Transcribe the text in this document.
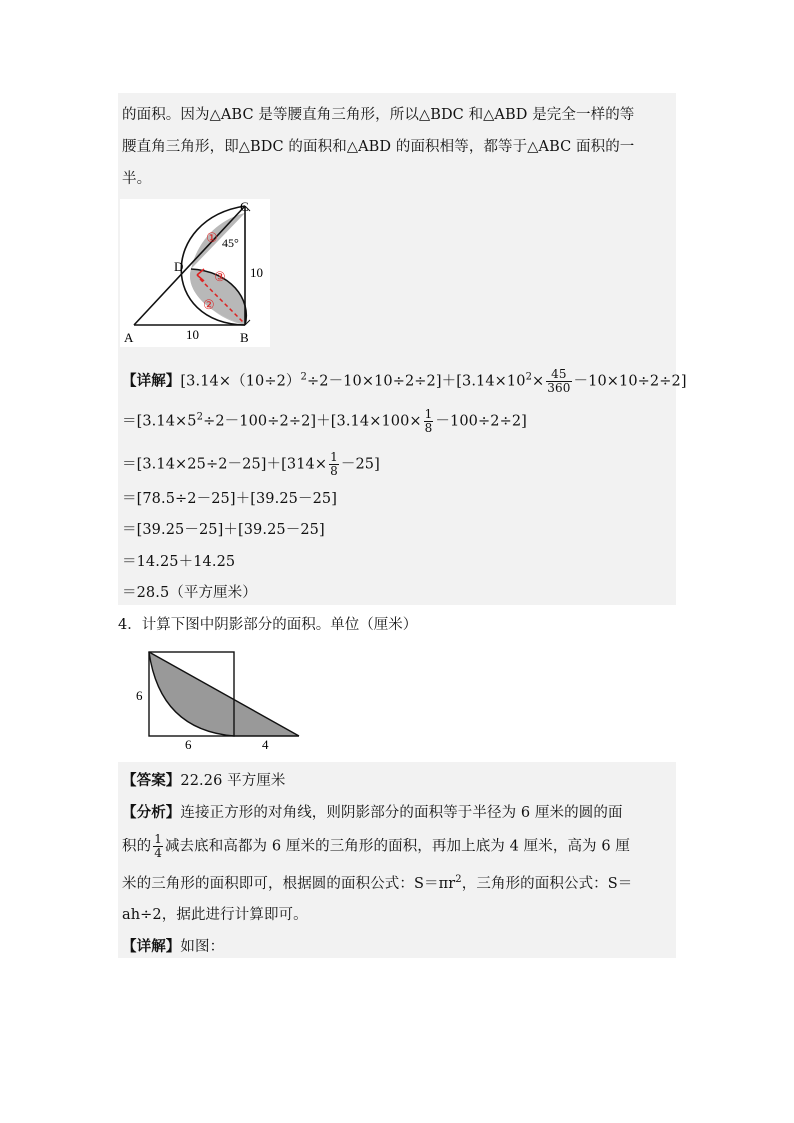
的面积。因为△ABC 是等腰直角三角形，所以△BDC 和△ABD 是完全一样的等
腰直角三角形，即△BDC 的面积和△ABD 的面积相等，都等于△ABC 面积的一
半。
C
D
A	B
45°
10
10
①
③
②
【详解】$[3.14\times(10\div 2)^2\div 2-10\times 10\div 2\div 2]+[3.14\times 10^2\times \frac{45}{360} -10\times 10\div 2\div 2]$
$=[3.14\times 5^2\div 2-100\div 2\div 2]+[3.14\times 100\times \frac{1}{8} -100\div 2\div 2]$
$=[3.14\times 25\div 2-25]+[314\times \frac{1}{8} -25]$
＝[78.5÷2－25]＋[39.25－25]
＝[39.25－25]＋[39.25－25]
＝14.25＋14.25
＝28.5（平方厘米）
4．计算下图中阴影部分的面积。单位（厘米）
6
6	4
【答案】22.26 平方厘米
【分析】连接正方形的对角线，则阴影部分的面积等于半径为 6 厘米的圆的面
积的 $\frac{1}{4}$ 减去底和高都为 6 厘米的三角形的面积，再加上底为 4 厘米，高为 6 厘
米的三角形的面积即可，根据圆的面积公式：$S=\pi r^2$，三角形的面积公式：S＝
ah÷2，据此进行计算即可。
【详解】如图：
